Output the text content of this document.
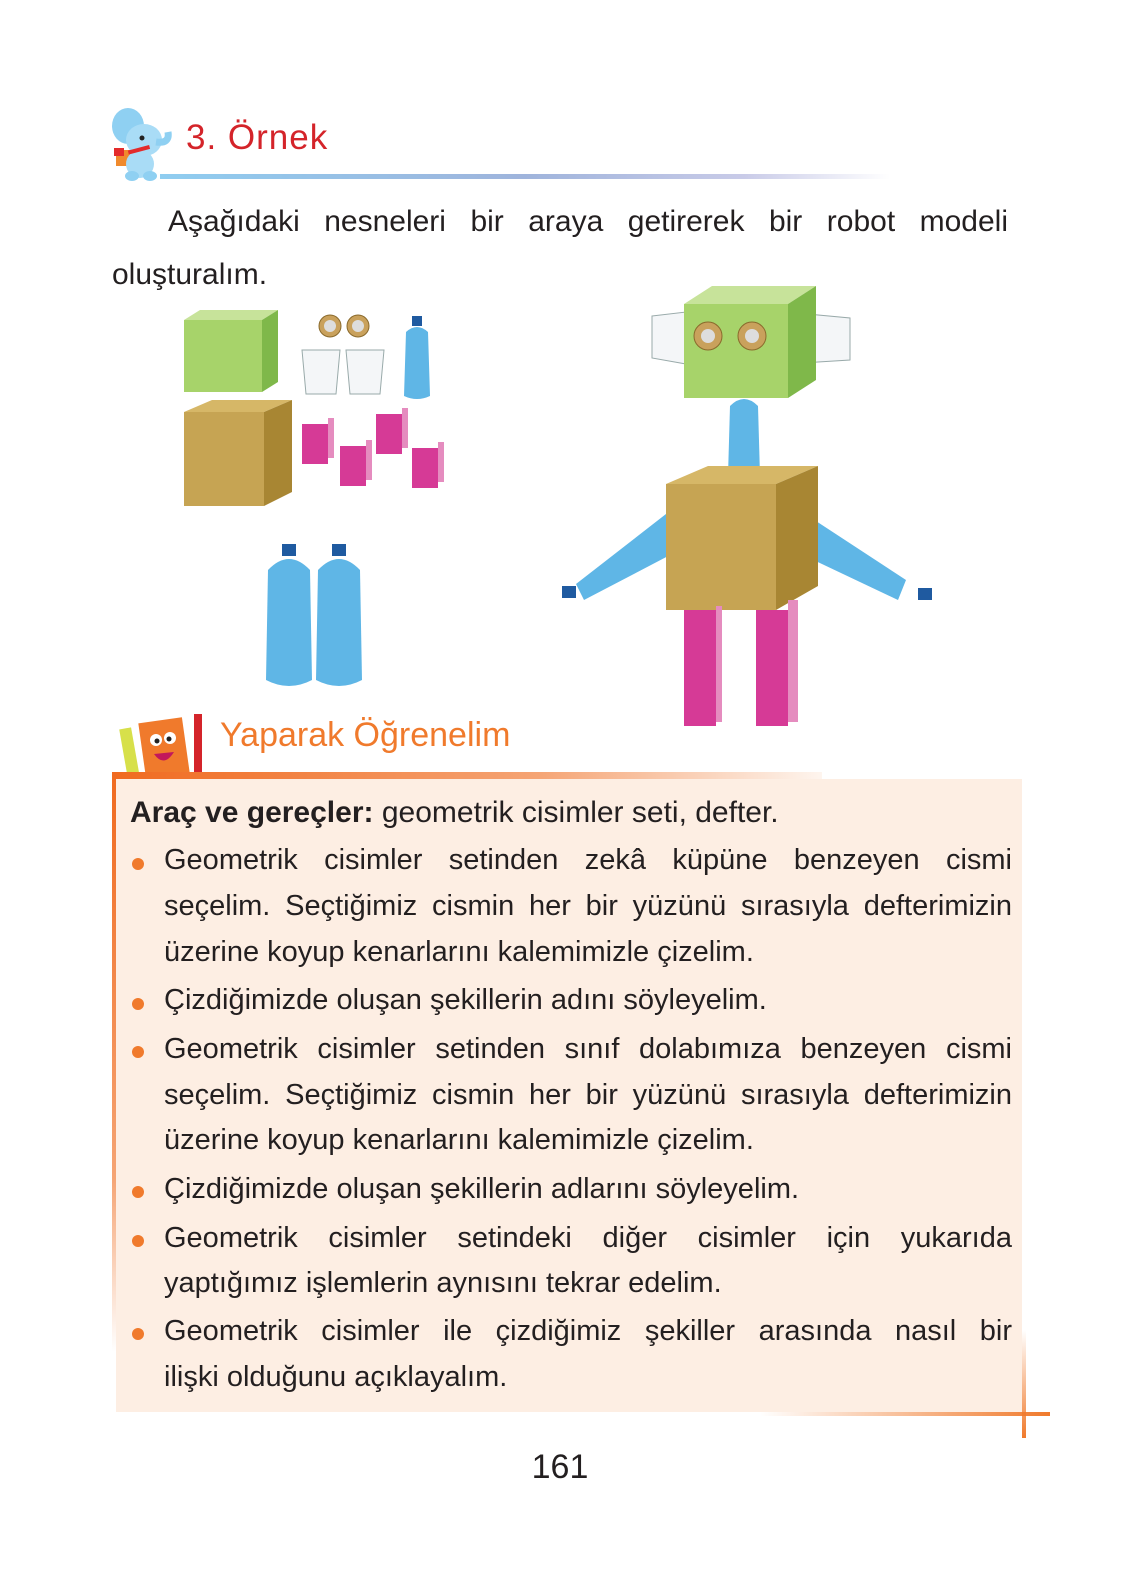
3. Örnek
Aşağıdaki nesneleri bir araya getirerek bir robot modeli
oluşturalım.
Yaparak Öğrenelim
Araç ve gereçler: geometrik cisimler seti, defter.
Geometrik cisimler setinden zekâ küpüne benzeyen cismi
seçelim. Seçtiğimiz cismin her bir yüzünü sırasıyla defterimizin
üzerine koyup kenarlarını kalemimizle çizelim.
Çizdiğimizde oluşan şekillerin adını söyleyelim.
Geometrik cisimler setinden sınıf dolabımıza benzeyen cismi
seçelim. Seçtiğimiz cismin her bir yüzünü sırasıyla defterimizin
üzerine koyup kenarlarını kalemimizle çizelim.
Çizdiğimizde oluşan şekillerin adlarını söyleyelim.
Geometrik cisimler setindeki diğer cisimler için yukarıda
yaptığımız işlemlerin aynısını tekrar edelim.
Geometrik cisimler ile çizdiğimiz şekiller arasında nasıl bir
ilişki olduğunu açıklayalım.
161
